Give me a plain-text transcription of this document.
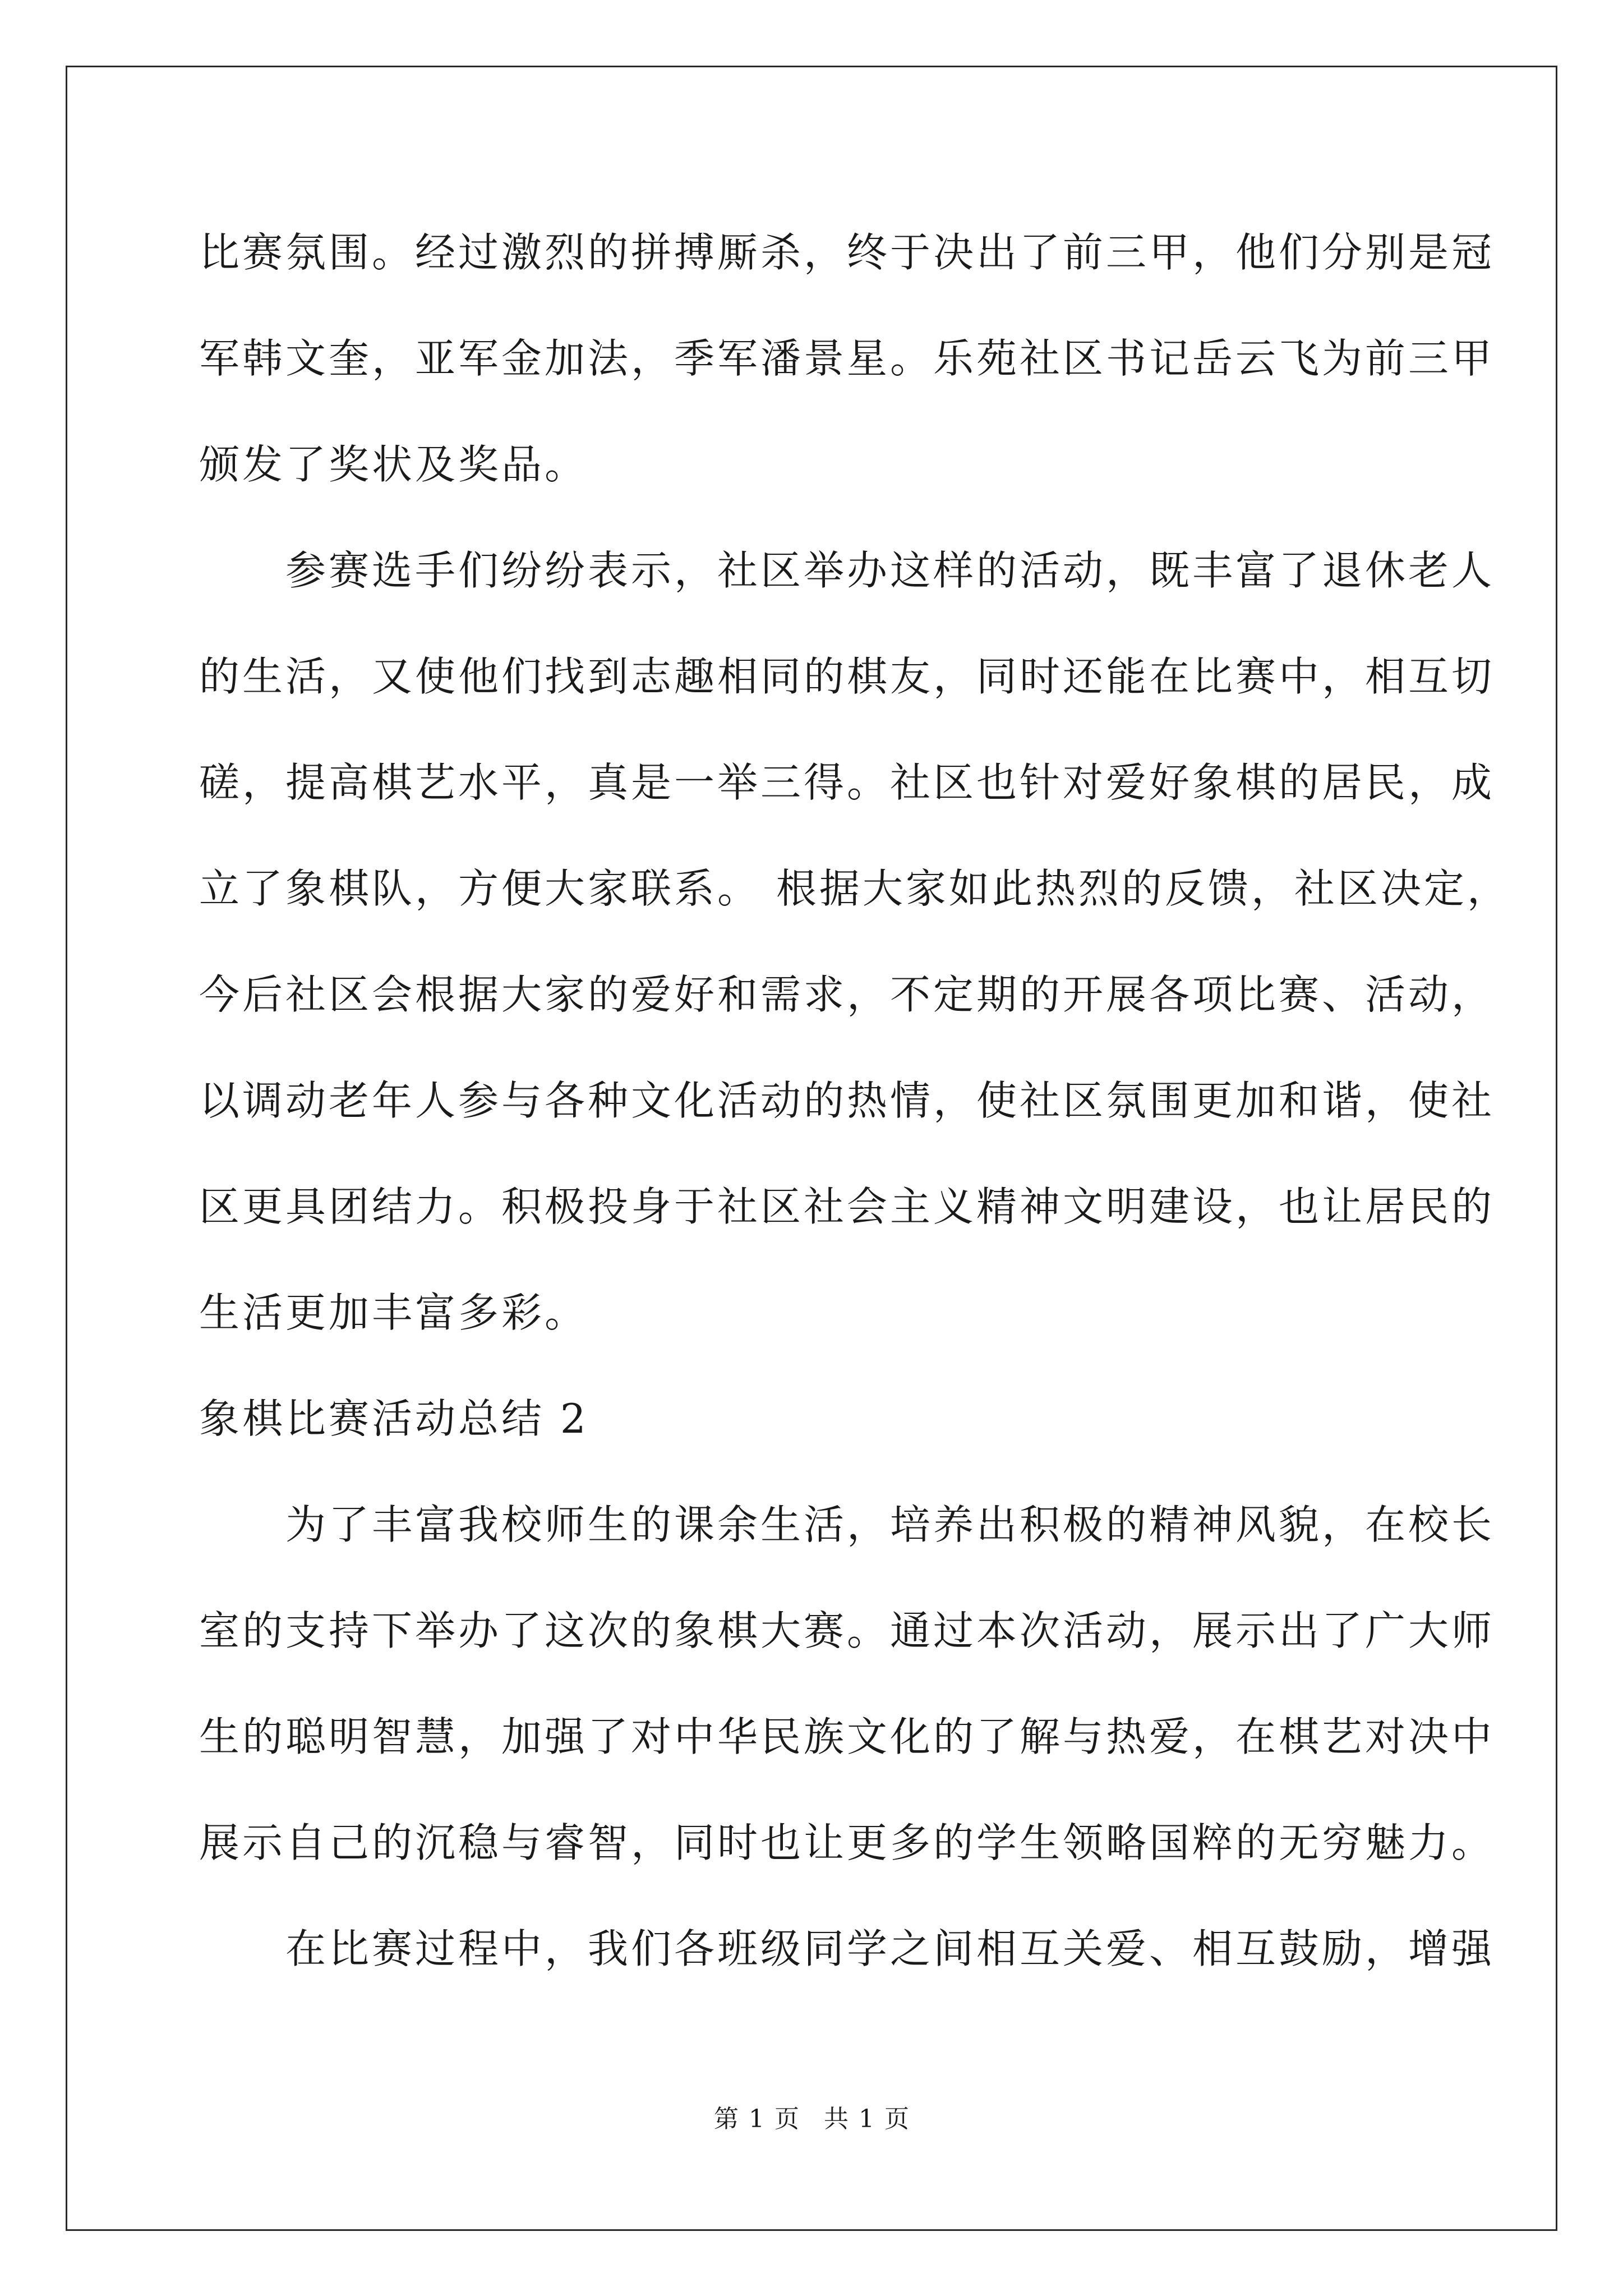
比赛氛围。经过激烈的拼搏厮杀，终于决出了前三甲，他们分别是冠
军韩文奎，亚军金加法，季军潘景星。乐苑社区书记岳云飞为前三甲
颁发了奖状及奖品。
　　参赛选手们纷纷表示，社区举办这样的活动，既丰富了退休老人
的生活，又使他们找到志趣相同的棋友，同时还能在比赛中，相互切
磋，提高棋艺水平，真是一举三得。社区也针对爱好象棋的居民，成
立了象棋队，方便大家联系。 根据大家如此热烈的反馈，社区决定，
今后社区会根据大家的爱好和需求，不定期的开展各项比赛、活动，
以调动老年人参与各种文化活动的热情，使社区氛围更加和谐，使社
区更具团结力。积极投身于社区社会主义精神文明建设，也让居民的
生活更加丰富多彩。
象棋比赛活动总结 2
　　为了丰富我校师生的课余生活，培养出积极的精神风貌，在校长
室的支持下举办了这次的象棋大赛。通过本次活动，展示出了广大师
生的聪明智慧，加强了对中华民族文化的了解与热爱，在棋艺对决中
展示自己的沉稳与睿智，同时也让更多的学生领略国粹的无穷魅力。
　　在比赛过程中，我们各班级同学之间相互关爱、相互鼓励，增强
第 1 页　共 1 页
